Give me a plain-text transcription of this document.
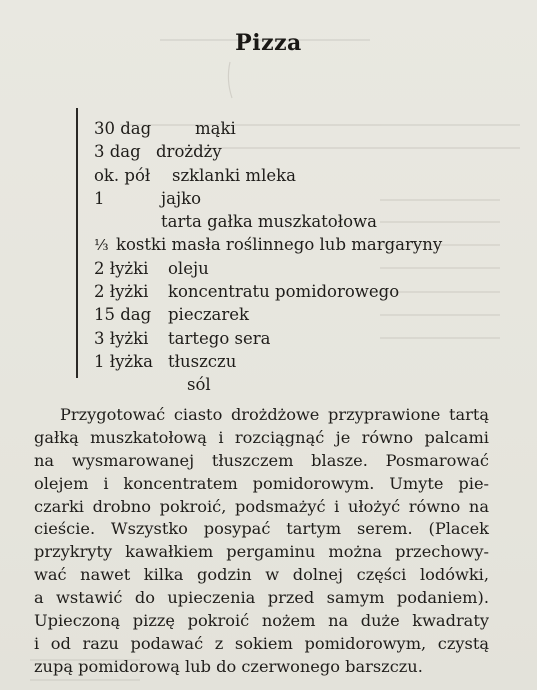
Pizza
30 dag	mąki
3 dag drożdży
ok. pół szklanki mleka
1	jajko
tarta gałka muszkatołowa
⅓ kostki masła roślinnego lub margaryny
2 łyżki oleju
2 łyżki koncentratu pomidorowego
15 dag pieczarek
3 łyżki tartego sera
1 łyżka tłuszczu
sól
Przygotować ciasto drożdżowe przyprawione tartą
gałką muszkatołową i rozciągnąć je równo palcami
na wysmarowanej tłuszczem blasze. Posmarować
olejem i koncentratem pomidorowym. Umyte pie-
czarki drobno pokroić, podsmażyć i ułożyć równo na
cieście. Wszystko posypać tartym serem. (Placek
przykryty kawałkiem pergaminu można przechowy-
wać nawet kilka godzin w dolnej części lodówki,
a wstawić do upieczenia przed samym podaniem).
Upieczoną pizzę pokroić nożem na duże kwadraty
i od razu podawać z sokiem pomidorowym, czystą
zupą pomidorową lub do czerwonego barszczu.
